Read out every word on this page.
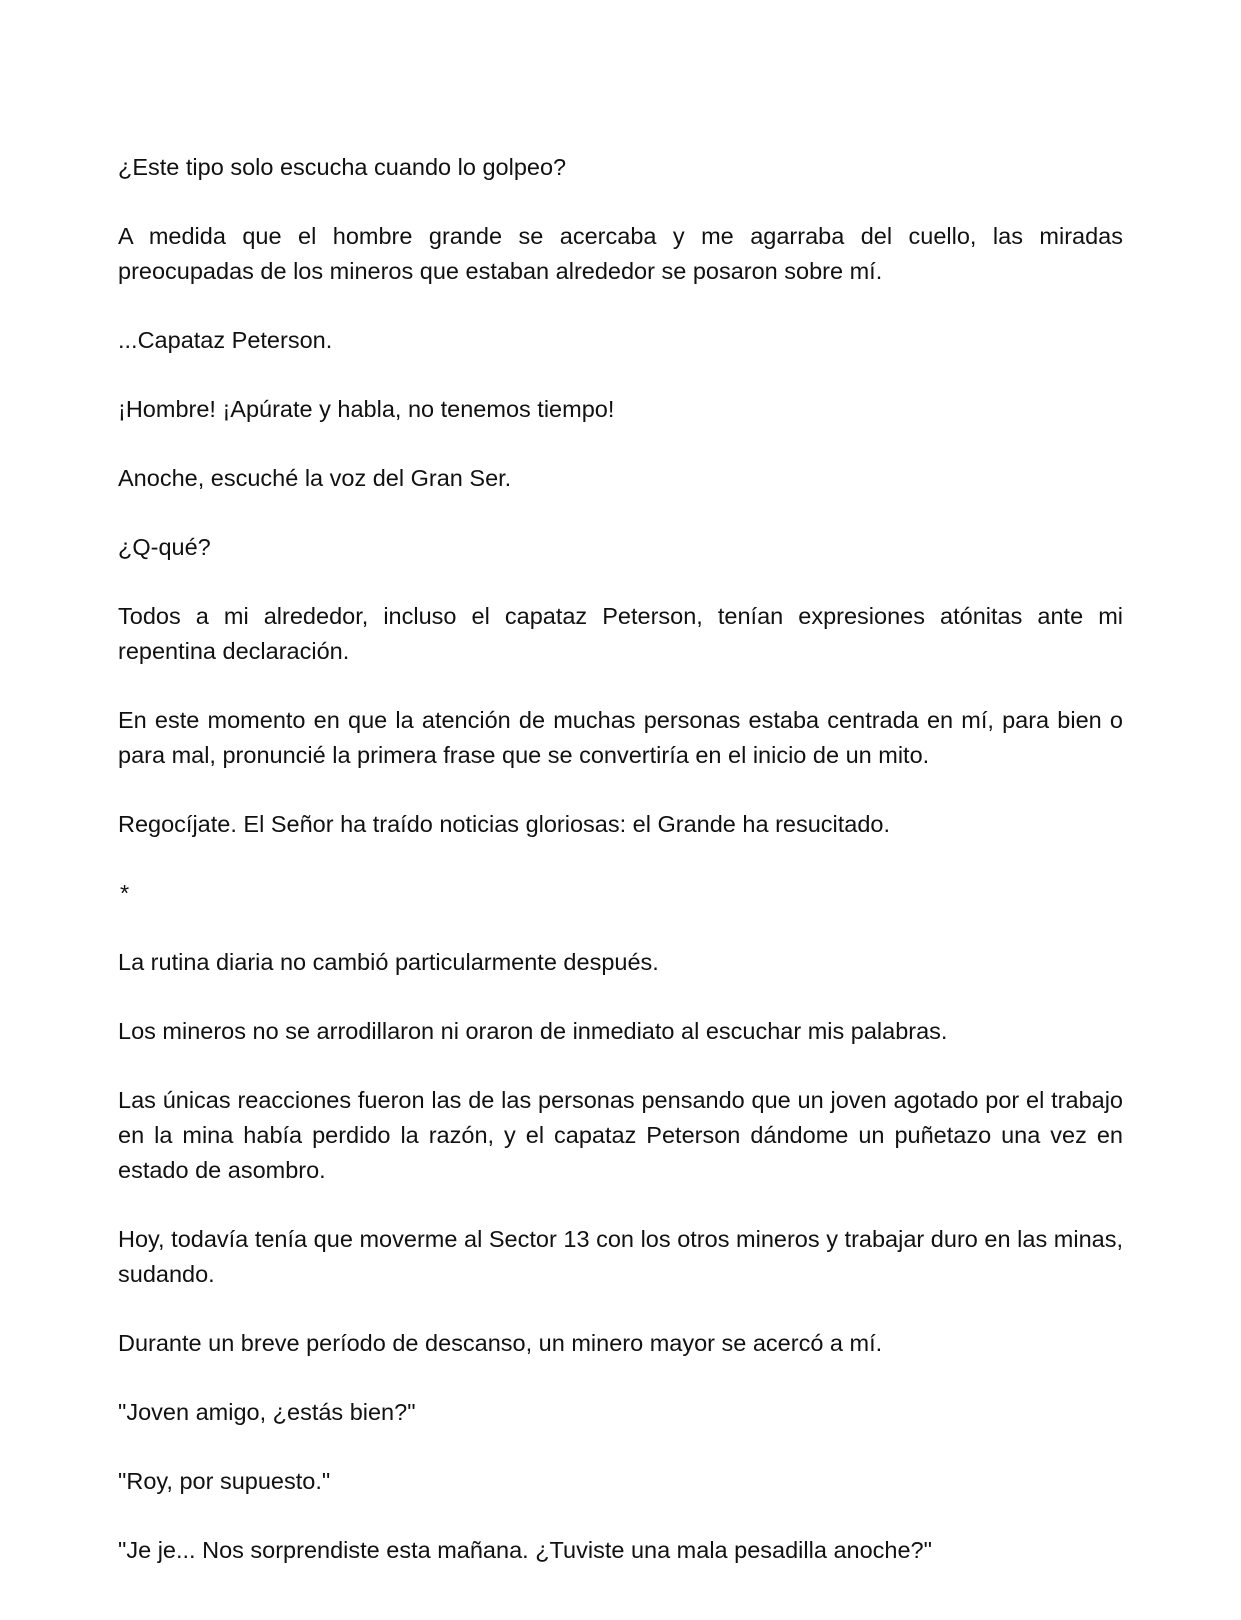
¿Este tipo solo escucha cuando lo golpeo?

A medida que el hombre grande se acercaba y me agarraba del cuello, las miradas preocupadas de los mineros que estaban alrededor se posaron sobre mí.

...Capataz Peterson.

¡Hombre! ¡Apúrate y habla, no tenemos tiempo!

Anoche, escuché la voz del Gran Ser.

¿Q-qué?

Todos a mi alrededor, incluso el capataz Peterson, tenían expresiones atónitas ante mi repentina declaración.

En este momento en que la atención de muchas personas estaba centrada en mí, para bien o para mal, pronuncié la primera frase que se convertiría en el inicio de un mito.

Regocíjate. El Señor ha traído noticias gloriosas: el Grande ha resucitado.

*

La rutina diaria no cambió particularmente después.

Los mineros no se arrodillaron ni oraron de inmediato al escuchar mis palabras.

Las únicas reacciones fueron las de las personas pensando que un joven agotado por el trabajo en la mina había perdido la razón, y el capataz Peterson dándome un puñetazo una vez en estado de asombro.

Hoy, todavía tenía que moverme al Sector 13 con los otros mineros y trabajar duro en las minas, sudando.

Durante un breve período de descanso, un minero mayor se acercó a mí.

"Joven amigo, ¿estás bien?"

"Roy, por supuesto."

"Je je... Nos sorprendiste esta mañana. ¿Tuviste una mala pesadilla anoche?"
